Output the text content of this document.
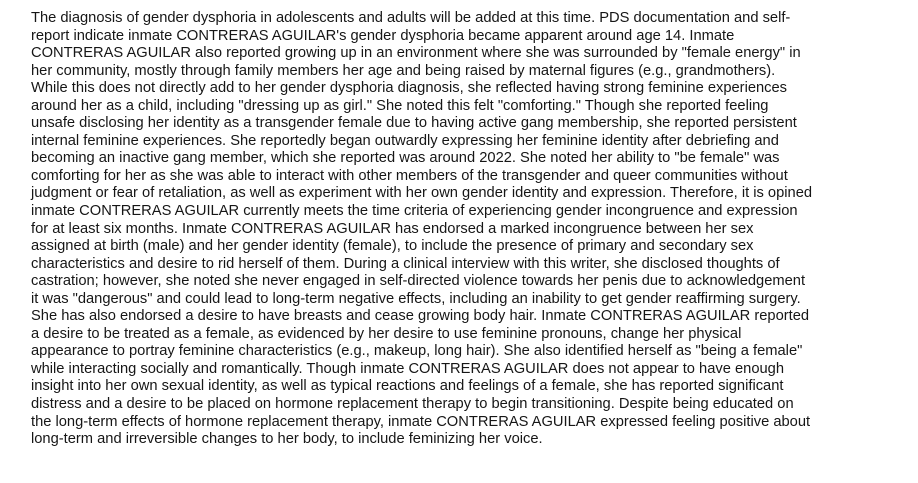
The diagnosis of gender dysphoria in adolescents and adults will be added at this time. PDS documentation and self-
report indicate inmate CONTRERAS AGUILAR's gender dysphoria became apparent around age 14. Inmate
CONTRERAS AGUILAR also reported growing up in an environment where she was surrounded by "female energy" in
her community, mostly through family members her age and being raised by maternal figures (e.g., grandmothers).
While this does not directly add to her gender dysphoria diagnosis, she reflected having strong feminine experiences
around her as a child, including "dressing up as girl." She noted this felt "comforting." Though she reported feeling
unsafe disclosing her identity as a transgender female due to having active gang membership, she reported persistent
internal feminine experiences. She reportedly began outwardly expressing her feminine identity after debriefing and
becoming an inactive gang member, which she reported was around 2022. She noted her ability to "be female" was
comforting for her as she was able to interact with other members of the transgender and queer communities without
judgment or fear of retaliation, as well as experiment with her own gender identity and expression. Therefore, it is opined
inmate CONTRERAS AGUILAR currently meets the time criteria of experiencing gender incongruence and expression
for at least six months. Inmate CONTRERAS AGUILAR has endorsed a marked incongruence between her sex
assigned at birth (male) and her gender identity (female), to include the presence of primary and secondary sex
characteristics and desire to rid herself of them. During a clinical interview with this writer, she disclosed thoughts of
castration; however, she noted she never engaged in self-directed violence towards her penis due to acknowledgement
it was "dangerous" and could lead to long-term negative effects, including an inability to get gender reaffirming surgery.
She has also endorsed a desire to have breasts and cease growing body hair. Inmate CONTRERAS AGUILAR reported
a desire to be treated as a female, as evidenced by her desire to use feminine pronouns, change her physical
appearance to portray feminine characteristics (e.g., makeup, long hair). She also identified herself as "being a female"
while interacting socially and romantically. Though inmate CONTRERAS AGUILAR does not appear to have enough
insight into her own sexual identity, as well as typical reactions and feelings of a female, she has reported significant
distress and a desire to be placed on hormone replacement therapy to begin transitioning. Despite being educated on
the long-term effects of hormone replacement therapy, inmate CONTRERAS AGUILAR expressed feeling positive about
long-term and irreversible changes to her body, to include feminizing her voice.
